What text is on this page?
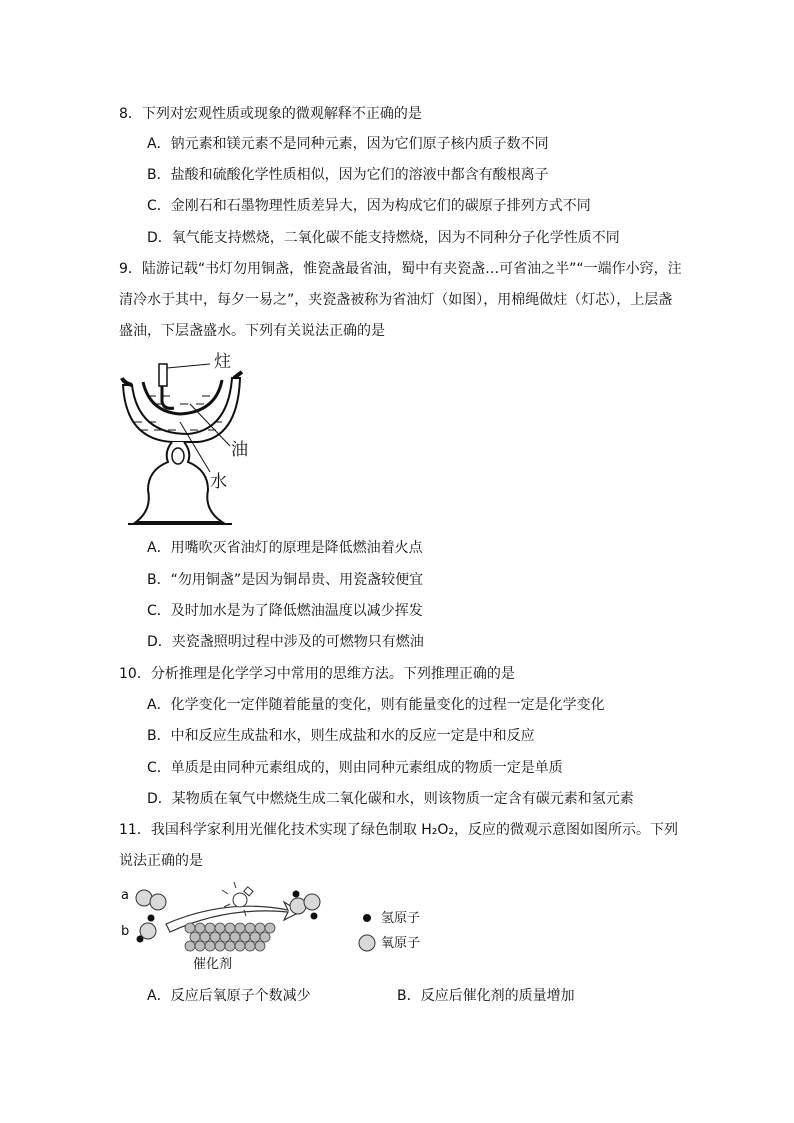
8．下列对宏观性质或现象的微观解释不正确的是
A．钠元素和镁元素不是同种元素，因为它们原子核内质子数不同
B．盐酸和硫酸化学性质相似，因为它们的溶液中都含有酸根离子
C．金刚石和石墨物理性质差异大，因为构成它们的碳原子排列方式不同
D．氧气能支持燃烧，二氧化碳不能支持燃烧，因为不同种分子化学性质不同
9．陆游记载“书灯勿用铜盏，惟瓷盏最省油，蜀中有夹瓷盏…可省油之半”“一端作小窍，注
清冷水于其中，每夕一易之”，夹瓷盏被称为省油灯（如图），用棉绳做炷（灯芯），上层盏
盛油，下层盏盛水。下列有关说法正确的是
炷
油
水
A．用嘴吹灭省油灯的原理是降低燃油着火点
B．“勿用铜盏”是因为铜昂贵、用瓷盏较便宜
C．及时加水是为了降低燃油温度以减少挥发
D．夹瓷盏照明过程中涉及的可燃物只有燃油
10．分析推理是化学学习中常用的思维方法。下列推理正确的是
A．化学变化一定伴随着能量的变化，则有能量变化的过程一定是化学变化
B．中和反应生成盐和水，则生成盐和水的反应一定是中和反应
C．单质是由同种元素组成的，则由同种元素组成的物质一定是单质
D．某物质在氧气中燃烧生成二氧化碳和水，则该物质一定含有碳元素和氢元素
11．我国科学家利用光催化技术实现了绿色制取 H₂O₂，反应的微观示意图如图所示。下列
说法正确的是
a
b
催化剂
氢原子
氧原子
A．反应后氧原子个数减少	B．反应后催化剂的质量增加
